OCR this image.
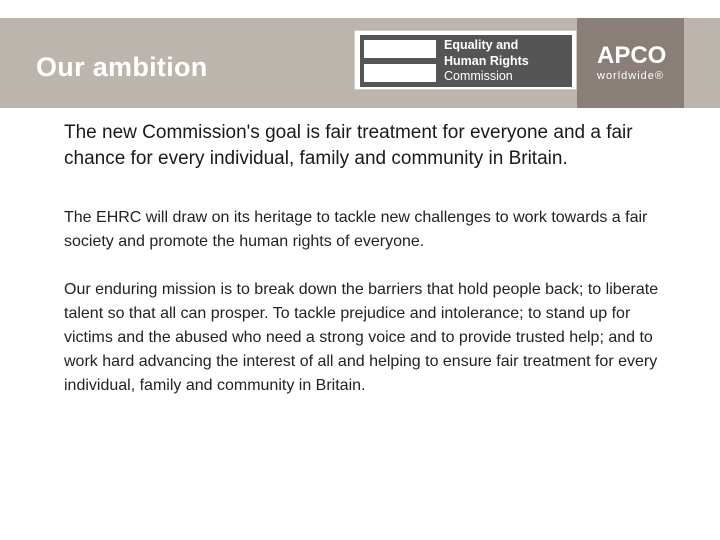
Our ambition
Equality and
Human Rights
Commission
APCO
worldwide®

The new Commission's goal is fair treatment for everyone and a fair chance for every individual, family and community in Britain.

The EHRC will draw on its heritage to tackle new challenges to work towards a fair society and promote the human rights of everyone.

Our enduring mission is to break down the barriers that hold people back; to liberate talent so that all can prosper. To tackle prejudice and intolerance; to stand up for victims and the abused who need a strong voice and to provide trusted help; and to work hard advancing the interest of all and helping to ensure fair treatment for every individual, family and community in Britain.
